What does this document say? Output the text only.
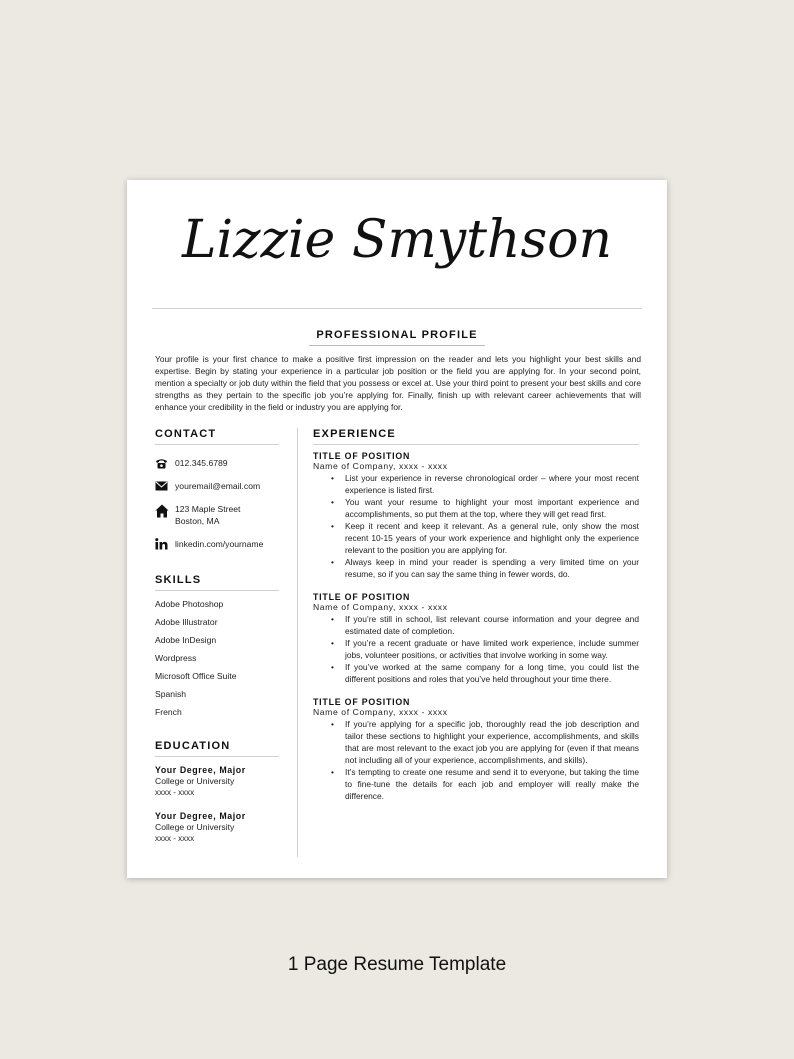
Lizzie Smythson
PROFESSIONAL PROFILE
Your profile is your first chance to make a positive first impression on the reader and lets you highlight your best skills and expertise. Begin by stating your experience in a particular job position or the field you are applying for. In your second point, mention a specialty or job duty within the field that you possess or excel at. Use your third point to present your best skills and core strengths as they pertain to the specific job you’re applying for. Finally, finish up with relevant career achievements that will enhance your credibility in the field or industry you are applying for.
CONTACT
012.345.6789
youremail@email.com
123 Maple Street
Boston, MA
linkedin.com/yourname
SKILLS
Adobe Photoshop
Adobe Illustrator
Adobe InDesign
Wordpress
Microsoft Office Suite
Spanish
French
EDUCATION
Your Degree, Major
College or University
xxxx - xxxx
Your Degree, Major
College or University
xxxx - xxxx
EXPERIENCE
TITLE OF POSITION
Name of Company, xxxx - xxxx
• List your experience in reverse chronological order – where your most recent experience is listed first.
• You want your resume to highlight your most important experience and accomplishments, so put them at the top, where they will get read first.
• Keep it recent and keep it relevant. As a general rule, only show the most recent 10-15 years of your work experience and highlight only the experience relevant to the position you are applying for.
• Always keep in mind your reader is spending a very limited time on your resume, so if you can say the same thing in fewer words, do.
TITLE OF POSITION
Name of Company, xxxx - xxxx
• If you’re still in school, list relevant course information and your degree and estimated date of completion.
• If you’re a recent graduate or have limited work experience, include summer jobs, volunteer positions, or activities that involve working in some way.
• If you’ve worked at the same company for a long time, you could list the different positions and roles that you’ve held throughout your time there.
TITLE OF POSITION
Name of Company, xxxx - xxxx
• If you’re applying for a specific job, thoroughly read the job description and tailor these sections to highlight your experience, accomplishments, and skills that are most relevant to the exact job you are applying for (even if that means not including all of your experience, accomplishments, and skills).
• It’s tempting to create one resume and send it to everyone, but taking the time to fine-tune the details for each job and employer will really make the difference.
1 Page Resume Template
